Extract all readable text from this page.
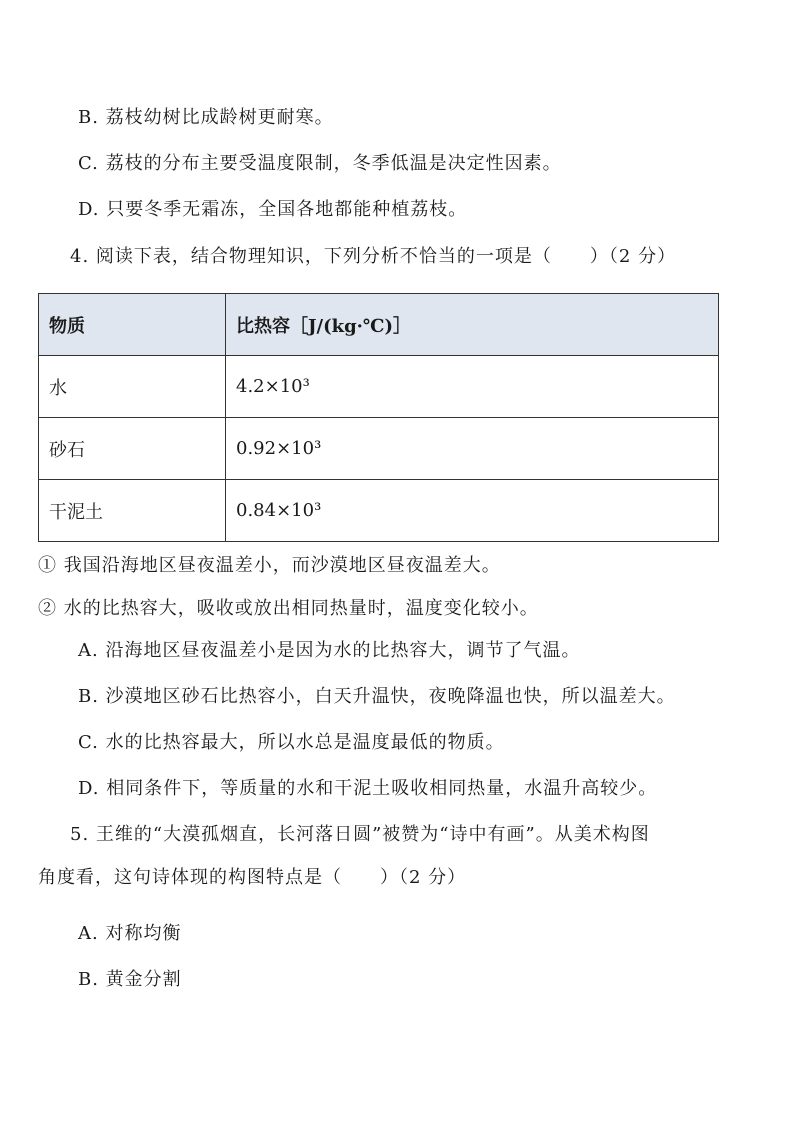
B. 荔枝幼树比成龄树更耐寒。
C. 荔枝的分布主要受温度限制，冬季低温是决定性因素。
D. 只要冬季无霜冻，全国各地都能种植荔枝。
4. 阅读下表，结合物理知识，下列分析不恰当的一项是（　　）（2 分）
物质	比热容［J/(kg·℃)］
水	4.2×10³
砂石	0.92×10³
干泥土	0.84×10³
① 我国沿海地区昼夜温差小，而沙漠地区昼夜温差大。
② 水的比热容大，吸收或放出相同热量时，温度变化较小。
A. 沿海地区昼夜温差小是因为水的比热容大，调节了气温。
B. 沙漠地区砂石比热容小，白天升温快，夜晚降温也快，所以温差大。
C. 水的比热容最大，所以水总是温度最低的物质。
D. 相同条件下，等质量的水和干泥土吸收相同热量，水温升高较少。
5. 王维的“大漠孤烟直，长河落日圆”被赞为“诗中有画”。从美术构图
角度看，这句诗体现的构图特点是（　　）（2 分）
A. 对称均衡
B. 黄金分割
